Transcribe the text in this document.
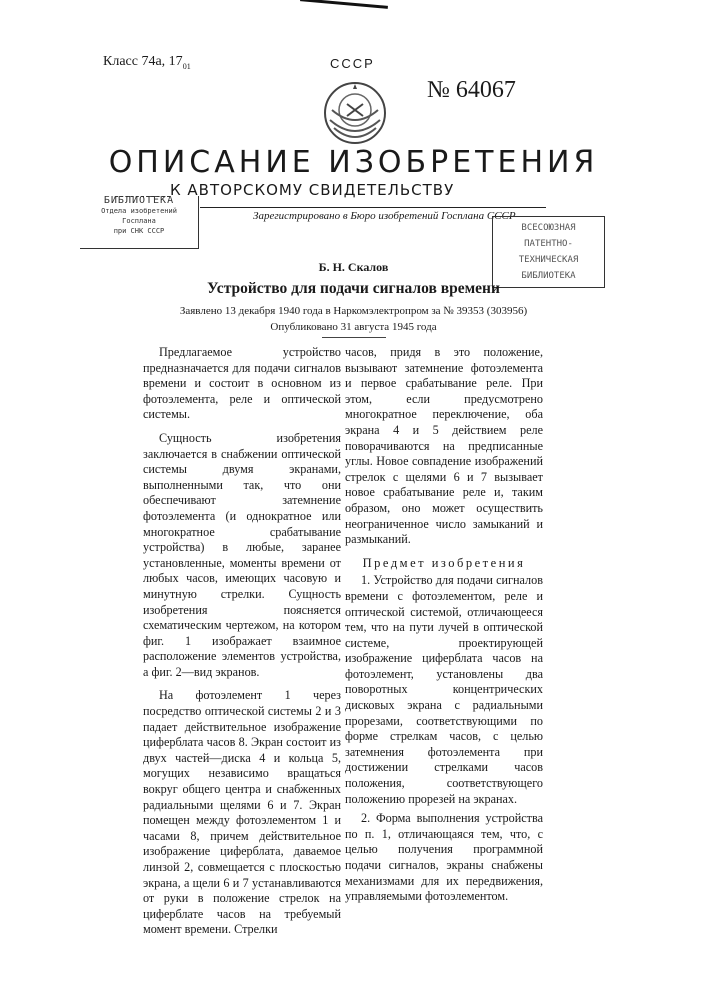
Класс 74а, 1701	СССР
№ 64067
ОПИСАНИЕ ИЗОБРЕТЕНИЯ
К АВТОРСКОМУ СВИДЕТЕЛЬСТВУ
БИБЛИОТЕКА
Отдела изобретений
Госплана
при СНК СССР
Зарегистрировано в Бюро изобретений Госплана СССР
ВСЕСОЮЗНАЯ
ПАТЕНТНО-
ТЕХНИЧЕСКАЯ
БИБЛИОТЕКА
Б. Н. Скалов
Устройство для подачи сигналов времени
Заявлено 13 декабря 1940 года в Наркомэлектропром за № 39353 (303956)
Опубликовано 31 августа 1945 года

Предлагаемое устройство предназначается для подачи сигналов времени и состоит в основном из фотоэлемента, реле и оптической системы.

Сущность изобретения заключается в снабжении оптической системы двумя экранами, выполненными так, что они обеспечивают затемнение фотоэлемента (и однократное или многократное срабатывание устройства) в любые, заранее установленные, моменты времени от любых часов, имеющих часовую и минутную стрелки. Сущность изобретения поясняется схематическим чертежом, на котором фиг. 1 изображает взаимное расположение элементов устройства, а фиг. 2—вид экранов.

На фотоэлемент 1 через посредство оптической системы 2 и 3 падает действительное изображение циферблата часов 8. Экран состоит из двух частей—диска 4 и кольца 5, могущих независимо вращаться вокруг общего центра и снабженных радиальными щелями 6 и 7. Экран помещен между фотоэлементом 1 и часами 8, причем действительное изображение циферблата, даваемое линзой 2, совмещается с плоскостью экрана, а щели 6 и 7 устанавливаются от руки в положение стрелок на циферблате часов на требуемый момент времени. Стрелки

часов, придя в это положение, вызывают затемнение фотоэлемента и первое срабатывание реле. При этом, если предусмотрено многократное переключение, оба экрана 4 и 5 действием реле поворачиваются на предписанные углы. Новое совпадение изображений стрелок с щелями 6 и 7 вызывает новое срабатывание реле и, таким образом, оно может осуществить неограниченное число замыканий и размыканий.

Предмет изобретения

1. Устройство для подачи сигналов времени с фотоэлементом, реле и оптической системой, отличающееся тем, что на пути лучей в оптической системе, проектирующей изображение циферблата часов на фотоэлемент, установлены два поворотных концентрических дисковых экрана с радиальными прорезами, соответствующими по форме стрелкам часов, с целью затемнения фотоэлемента при достижении стрелками часов положения, соответствующего положению прорезей на экранах.

2. Форма выполнения устройства по п. 1, отличающаяся тем, что, с целью получения программной подачи сигналов, экраны снабжены механизмами для их передвижения, управляемыми фотоэлементом.
